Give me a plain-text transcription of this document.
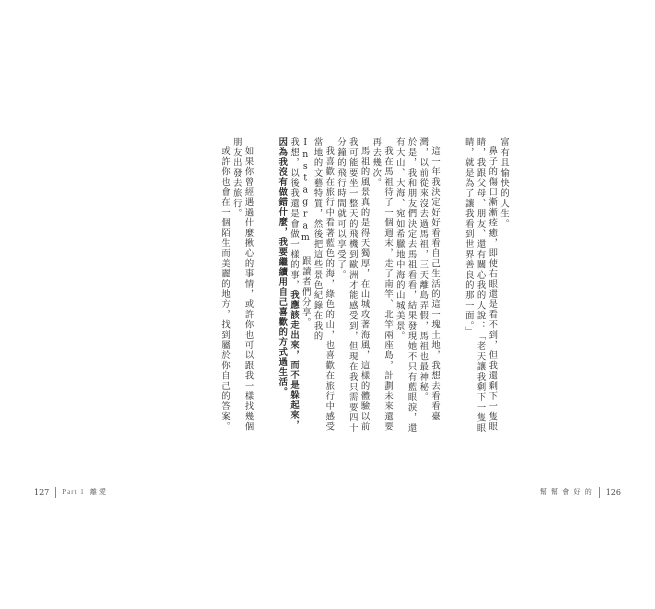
富有且愉快的人生。

鼻子的傷口漸漸痊癒，即使右眼還是看不到，但我還剩下一隻眼睛，我跟父母、朋友、還有關心我的人說：「老天讓我剩下一隻眼睛，就是為了讓我看到世界善良的那一面。」

這一年我決定好好看看自己生活的這一塊土地，我想去看看臺灣，以前從來沒去過馬祖，三天離島弄假，馬祖也最神秘。

於是，我和朋友們決定去馬祖看看，結果發現她不只有藍眼淚，還有大山、大海、宛如希臘地中海的山城美景。

我在馬祖待了一個週末，走了南竿、北竿兩座島，計劃未來還要再去幾次。

馬祖的風景真的是得天獨厚，在山城攻著海風，這樣的體驗以前我可能要坐一整天的飛機到歐洲才能感受到，但現在我只需要四十分鐘的飛行時間就可以享受了。

我喜歡在旅行中看著藍色的海，綠色的山，也喜歡在旅行中感受當地的文藝特質，然後把這些景色紀錄在我的 Instagram 跟讀者們分享。

我想，以後我還是會做一樣的事，我應該走出來，而不是躲起來，因為我沒有做錯什麼，我要繼續用自己喜歡的方式過生活。

如果你曾經遇過什麼揪心的事情，或許你也可以跟我一樣找幾個朋友出發去旅行。

或許你也會在一個陌生而美麗的地方，找到屬於你自己的答案。

127 Part 1 離 愛	幫 幫 會 好 的 126
